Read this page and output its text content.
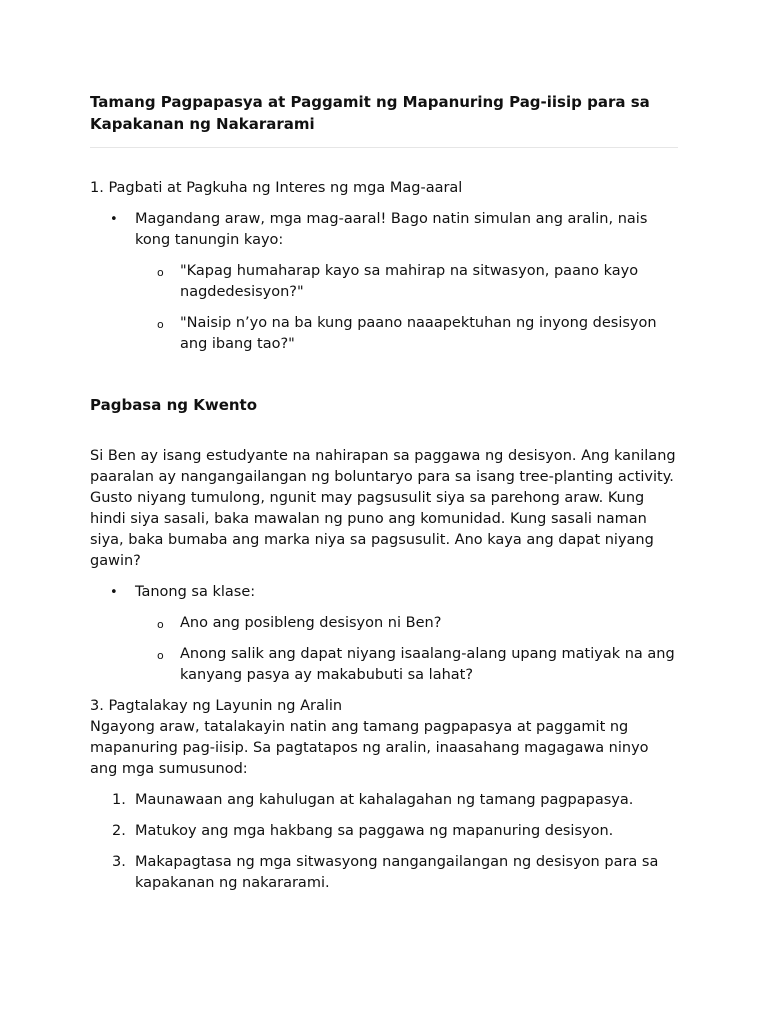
Tamang Pagpapasya at Paggamit ng Mapanuring Pag-iisip para sa Kapakanan ng Nakararami

1. Pagbati at Pagkuha ng Interes ng mga Mag-aaral

• Magandang araw, mga mag-aaral! Bago natin simulan ang aralin, nais kong tanungin kayo:
o "Kapag humaharap kayo sa mahirap na sitwasyon, paano kayo nagdedesisyon?"
o "Naisip n’yo na ba kung paano naaapektuhan ng inyong desisyon ang ibang tao?"
Pagbasa ng Kwento

Si Ben ay isang estudyante na nahirapan sa paggawa ng desisyon. Ang kanilang paaralan ay nangangailangan ng boluntaryo para sa isang tree-planting activity. Gusto niyang tumulong, ngunit may pagsusulit siya sa parehong araw. Kung hindi siya sasali, baka mawalan ng puno ang komunidad. Kung sasali naman siya, baka bumaba ang marka niya sa pagsusulit. Ano kaya ang dapat niyang gawin?

• Tanong sa klase:
o Ano ang posibleng desisyon ni Ben?
o Anong salik ang dapat niyang isaalang-alang upang matiyak na ang kanyang pasya ay makabubuti sa lahat?

3. Pagtalakay ng Layunin ng Aralin

Ngayong araw, tatalakayin natin ang tamang pagpapasya at paggamit ng mapanuring pag-iisip. Sa pagtatapos ng aralin, inaasahang magagawa ninyo ang mga sumusunod:

1. Maunawaan ang kahulugan at kahalagahan ng tamang pagpapasya.
2. Matukoy ang mga hakbang sa paggawa ng mapanuring desisyon.
3. Makapagtasa ng mga sitwasyong nangangailangan ng desisyon para sa kapakanan ng nakararami.
